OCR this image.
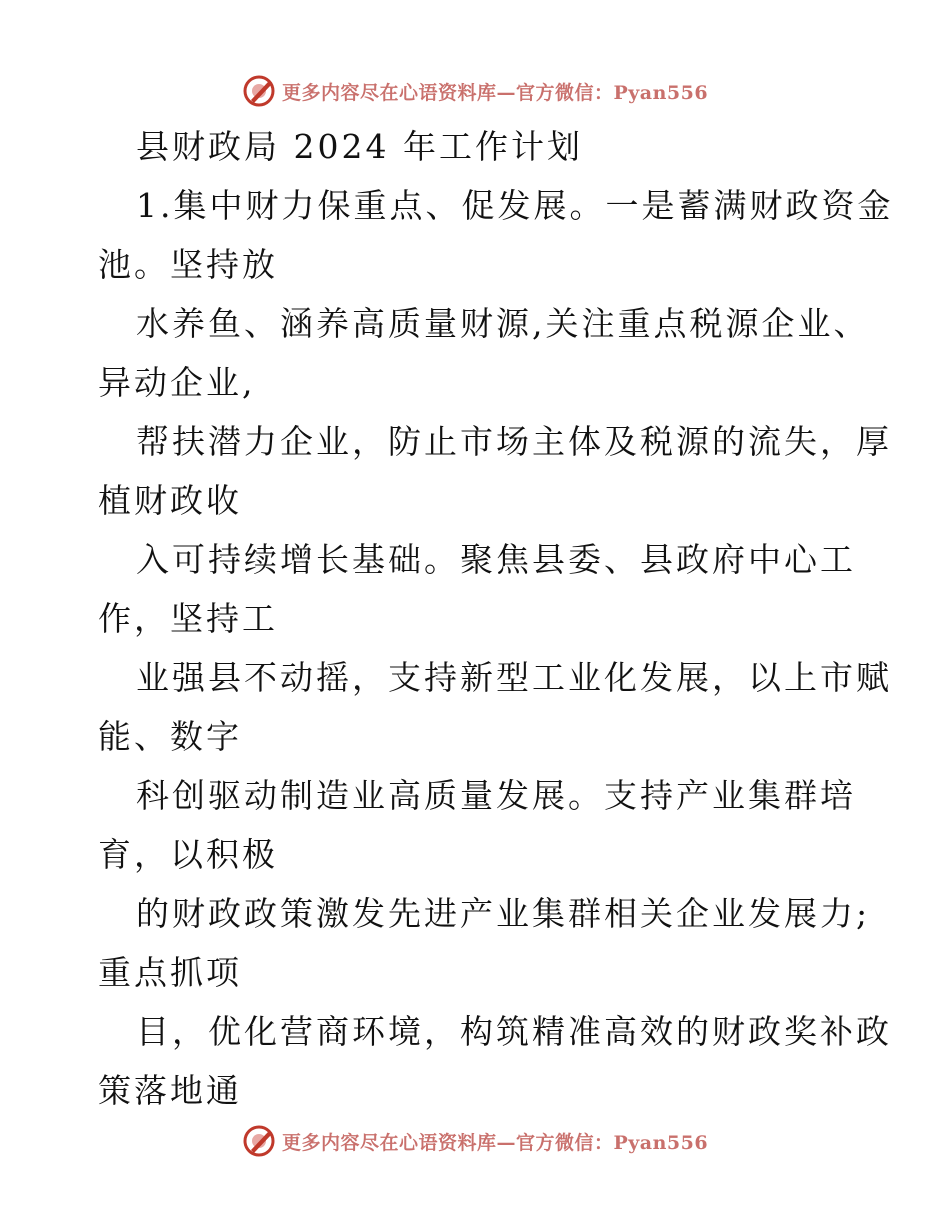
更多内容尽在心语资料库—官方微信：Pyan556
县财政局 2024 年工作计划
1.集中财力保重点、促发展。一是蓄满财政资金
池。坚持放
水养鱼、涵养高质量财源,关注重点税源企业、
异动企业,
帮扶潜力企业，防止市场主体及税源的流失，厚
植财政收
入可持续增长基础。聚焦县委、县政府中心工
作，坚持工
业强县不动摇，支持新型工业化发展，以上市赋
能、数字
科创驱动制造业高质量发展。支持产业集群培
育，以积极
的财政政策激发先进产业集群相关企业发展力;
重点抓项
目，优化营商环境，构筑精准高效的财政奖补政
策落地通
更多内容尽在心语资料库—官方微信：Pyan556
